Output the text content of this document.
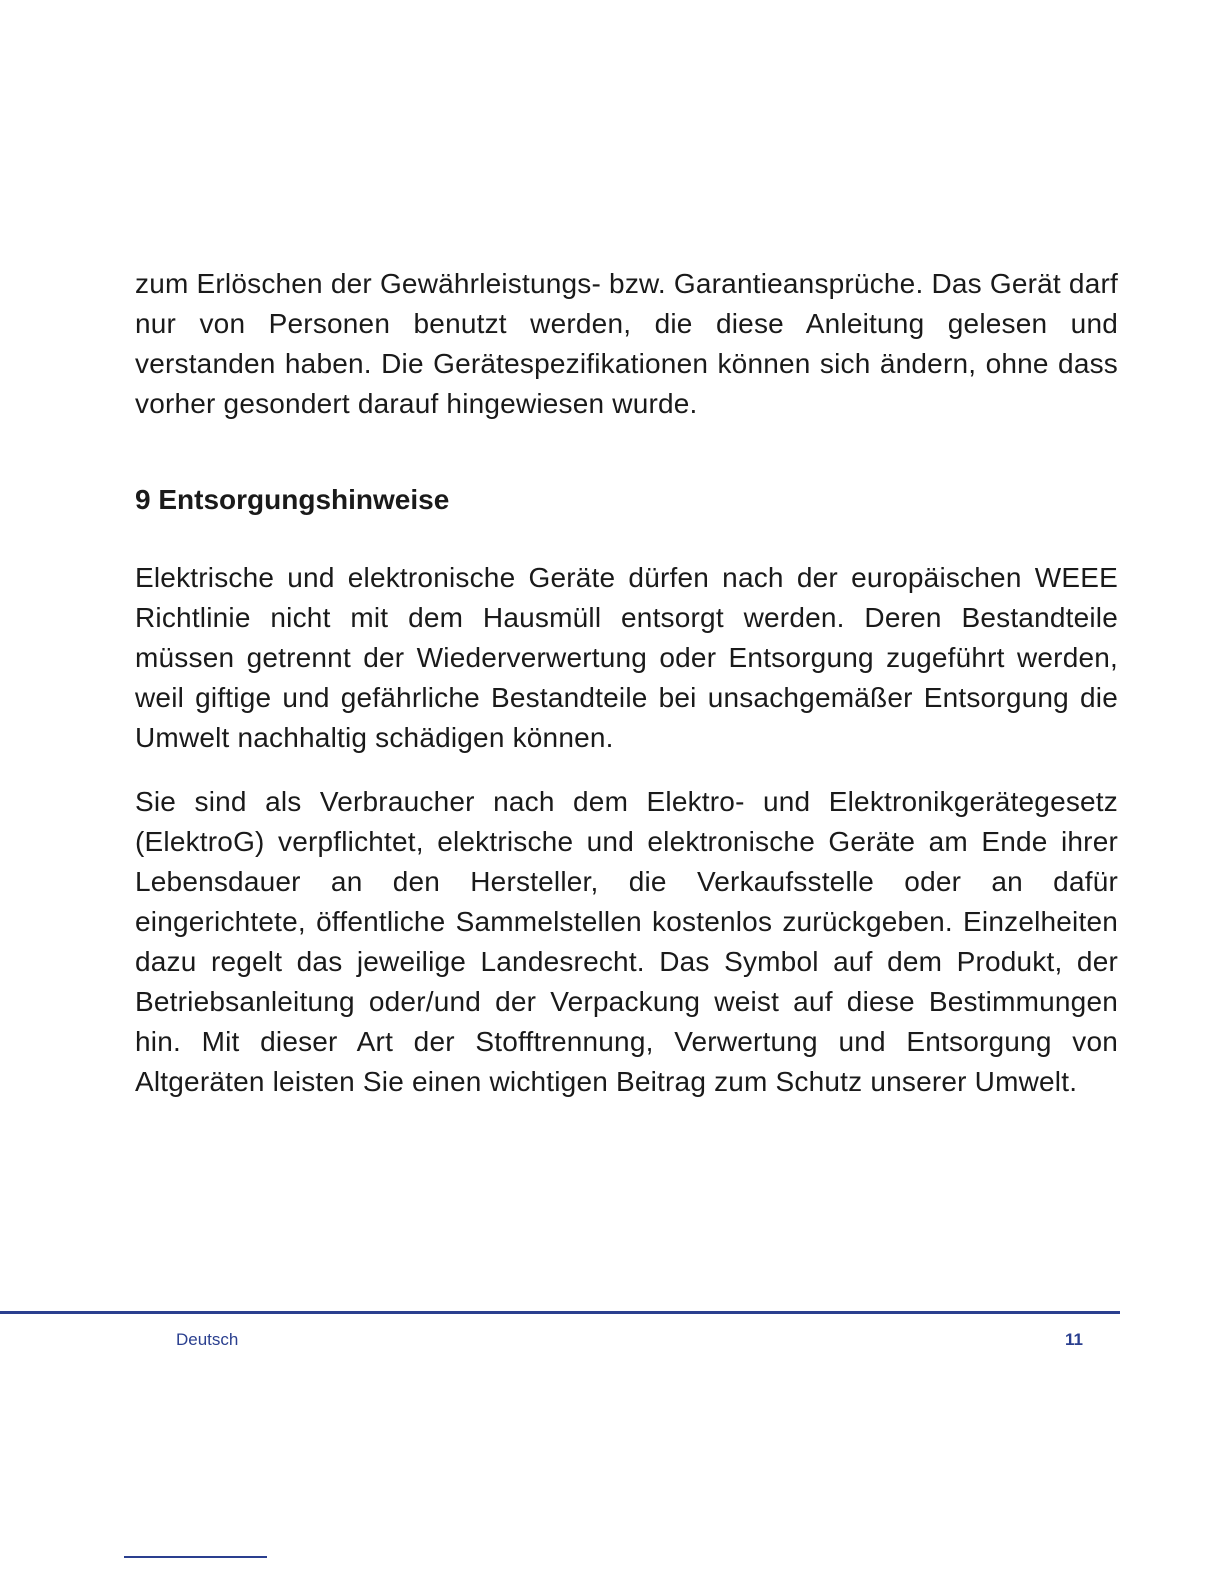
zum Erlöschen der Gewährleistungs- bzw. Garantieansprüche. Das Gerät darf nur von Personen benutzt werden, die diese Anleitung gelesen und verstanden haben. Die Gerätespezifikationen können sich ändern, ohne dass vorher gesondert darauf hingewiesen wurde.

9 Entsorgungshinweise

Elektrische und elektronische Geräte dürfen nach der europäischen WEEE Richtlinie nicht mit dem Hausmüll entsorgt werden. Deren Bestandteile müssen getrennt der Wiederverwertung oder Entsorgung zugeführt werden, weil giftige und gefährliche Bestandteile bei unsachgemäßer Entsorgung die Umwelt nachhaltig schädigen können.

Sie sind als Verbraucher nach dem Elektro- und Elektronikgerätegesetz (ElektroG) verpflichtet, elektrische und elektronische Geräte am Ende ihrer Lebensdauer an den Hersteller, die Verkaufsstelle oder an dafür eingerichtete, öffentliche Sammelstellen kostenlos zurückgeben. Einzelheiten dazu regelt das jeweilige Landesrecht. Das Symbol auf dem Produkt, der Betriebsanleitung oder/und der Verpackung weist auf diese Bestimmungen hin. Mit dieser Art der Stofftrennung, Verwertung und Entsorgung von Altgeräten leisten Sie einen wichtigen Beitrag zum Schutz unserer Umwelt.

Deutsch	11
